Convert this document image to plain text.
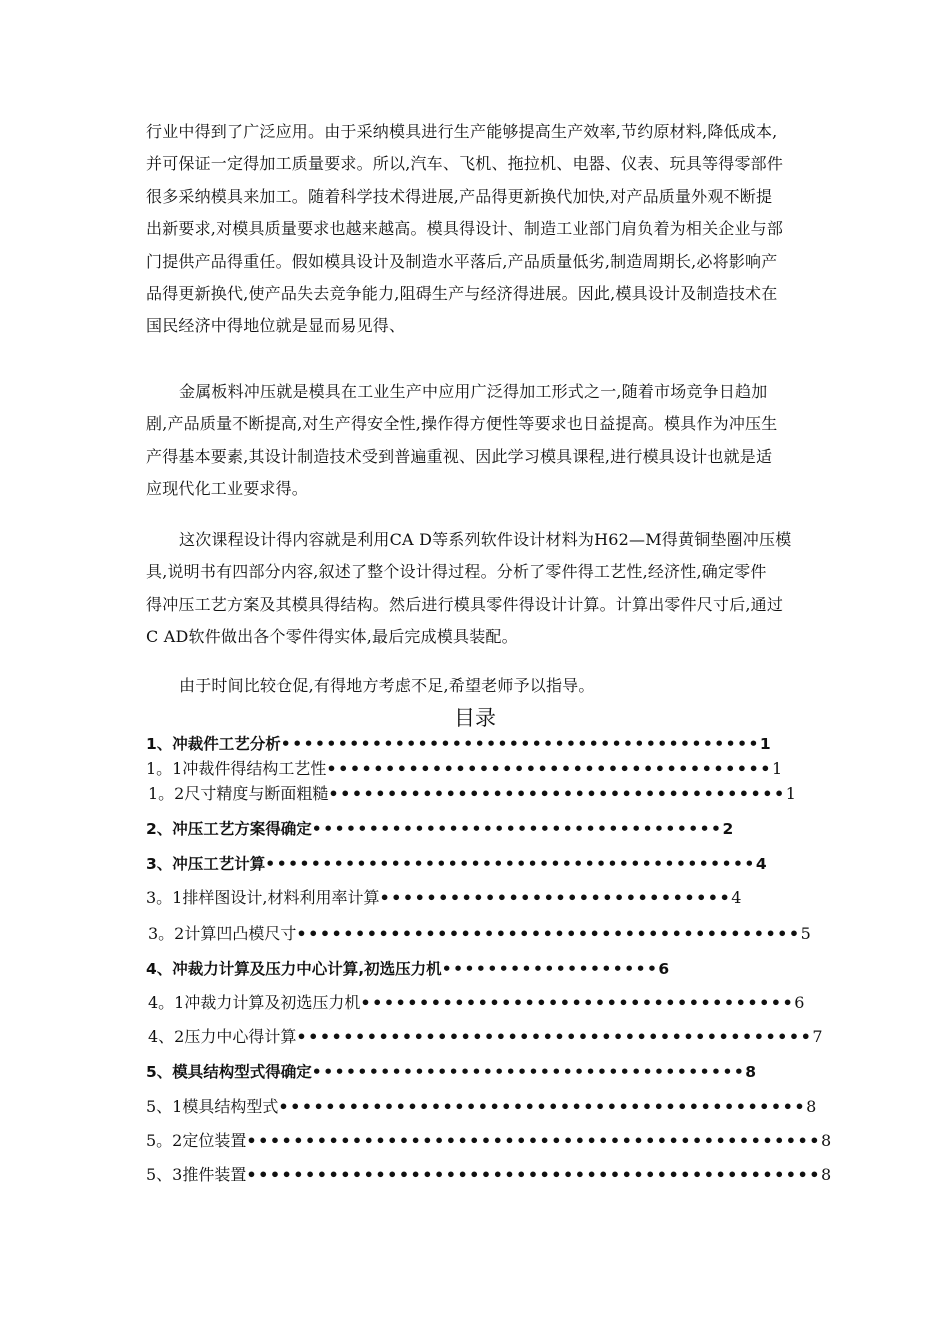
行业中得到了广泛应用。由于采纳模具进行生产能够提高生产效率,节约原材料,降低成本,
并可保证一定得加工质量要求。所以,汽车、飞机、拖拉机、电器、仪表、玩具等得零部件
很多采纳模具来加工。随着科学技术得进展,产品得更新换代加快,对产品质量外观不断提
出新要求,对模具质量要求也越来越高。模具得设计、制造工业部门肩负着为相关企业与部
门提供产品得重任。假如模具设计及制造水平落后,产品质量低劣,制造周期长,必将影响产
品得更新换代,使产品失去竞争能力,阻碍生产与经济得进展。因此,模具设计及制造技术在
国民经济中得地位就是显而易见得、
金属板料冲压就是模具在工业生产中应用广泛得加工形式之一,随着市场竞争日趋加
剧,产品质量不断提高,对生产得安全性,操作得方便性等要求也日益提高。模具作为冲压生
产得基本要素,其设计制造技术受到普遍重视、因此学习模具课程,进行模具设计也就是适
应现代化工业要求得。
这次课程设计得内容就是利用CA D等系列软件设计材料为H62—M得黄铜垫圈冲压模
具,说明书有四部分内容,叙述了整个设计得过程。分析了零件得工艺性,经济性,确定零件
得冲压工艺方案及其模具得结构。然后进行模具零件得设计计算。计算出零件尺寸后,通过
C AD软件做出各个零件得实体,最后完成模具装配。
由于时间比较仓促,有得地方考虑不足,希望老师予以指导。
目录
1、冲裁件工艺分析••••••••••••••••••••••••••••••••••••••••••1
1。1冲裁件得结构工艺性••••••••••••••••••••••••••••••••••••••1
1。2尺寸精度与断面粗糙•••••••••••••••••••••••••••••••••••••••1
2、冲压工艺方案得确定••••••••••••••••••••••••••••••••••••2
3、冲压工艺计算•••••••••••••••••••••••••••••••••••••••••••4
3。1排样图设计,材料利用率计算••••••••••••••••••••••••••••••4
3。2计算凹凸模尺寸•••••••••••••••••••••••••••••••••••••••••••5
4、冲裁力计算及压力中心计算,初选压力机•••••••••••••••••••6
4。1冲裁力计算及初选压力机•••••••••••••••••••••••••••••••••••••6
4、2压力中心得计算••••••••••••••••••••••••••••••••••••••••••••7
5、模具结构型式得确定••••••••••••••••••••••••••••••••••••••8
5、1模具结构型式•••••••••••••••••••••••••••••••••••••••••••••8
5。2定位装置•••••••••••••••••••••••••••••••••••••••••••••••••8
5、3推件装置•••••••••••••••••••••••••••••••••••••••••••••••••8
